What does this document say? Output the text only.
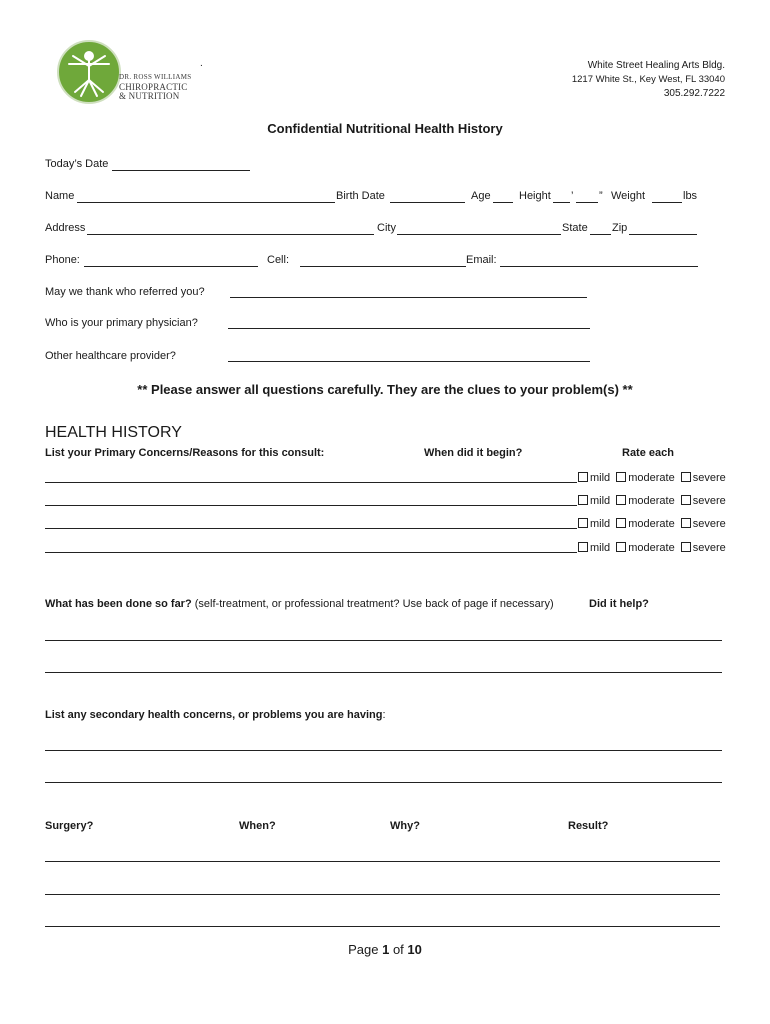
DR. ROSS WILLIAMS
CHIROPRACTIC
& NUTRITION
.	White Street Healing Arts Bldg.
1217 White St., Key West, FL 33040
305.292.7222
Confidential Nutritional Health History
Today’s Date
Name	Birth Date	Age	Height ’ ” Weight	lbs
Address	City	State Zip
Phone:	Cell:	Email:
May we thank who referred you?
Who is your primary physician?
Other healthcare provider?
** Please answer all questions carefully. They are the clues to your problem(s) **
HEALTH HISTORY
List your Primary Concerns/Reasons for this consult:	When did it begin?	Rate each
mild moderate severe
mild moderate severe
mild moderate severe
mild moderate severe
What has been done so far? (self-treatment, or professional treatment? Use back of page if necessary)	Did it help?
List any secondary health concerns, or problems you are having:
Surgery?	When?	Why?	Result?
Page 1 of 10
